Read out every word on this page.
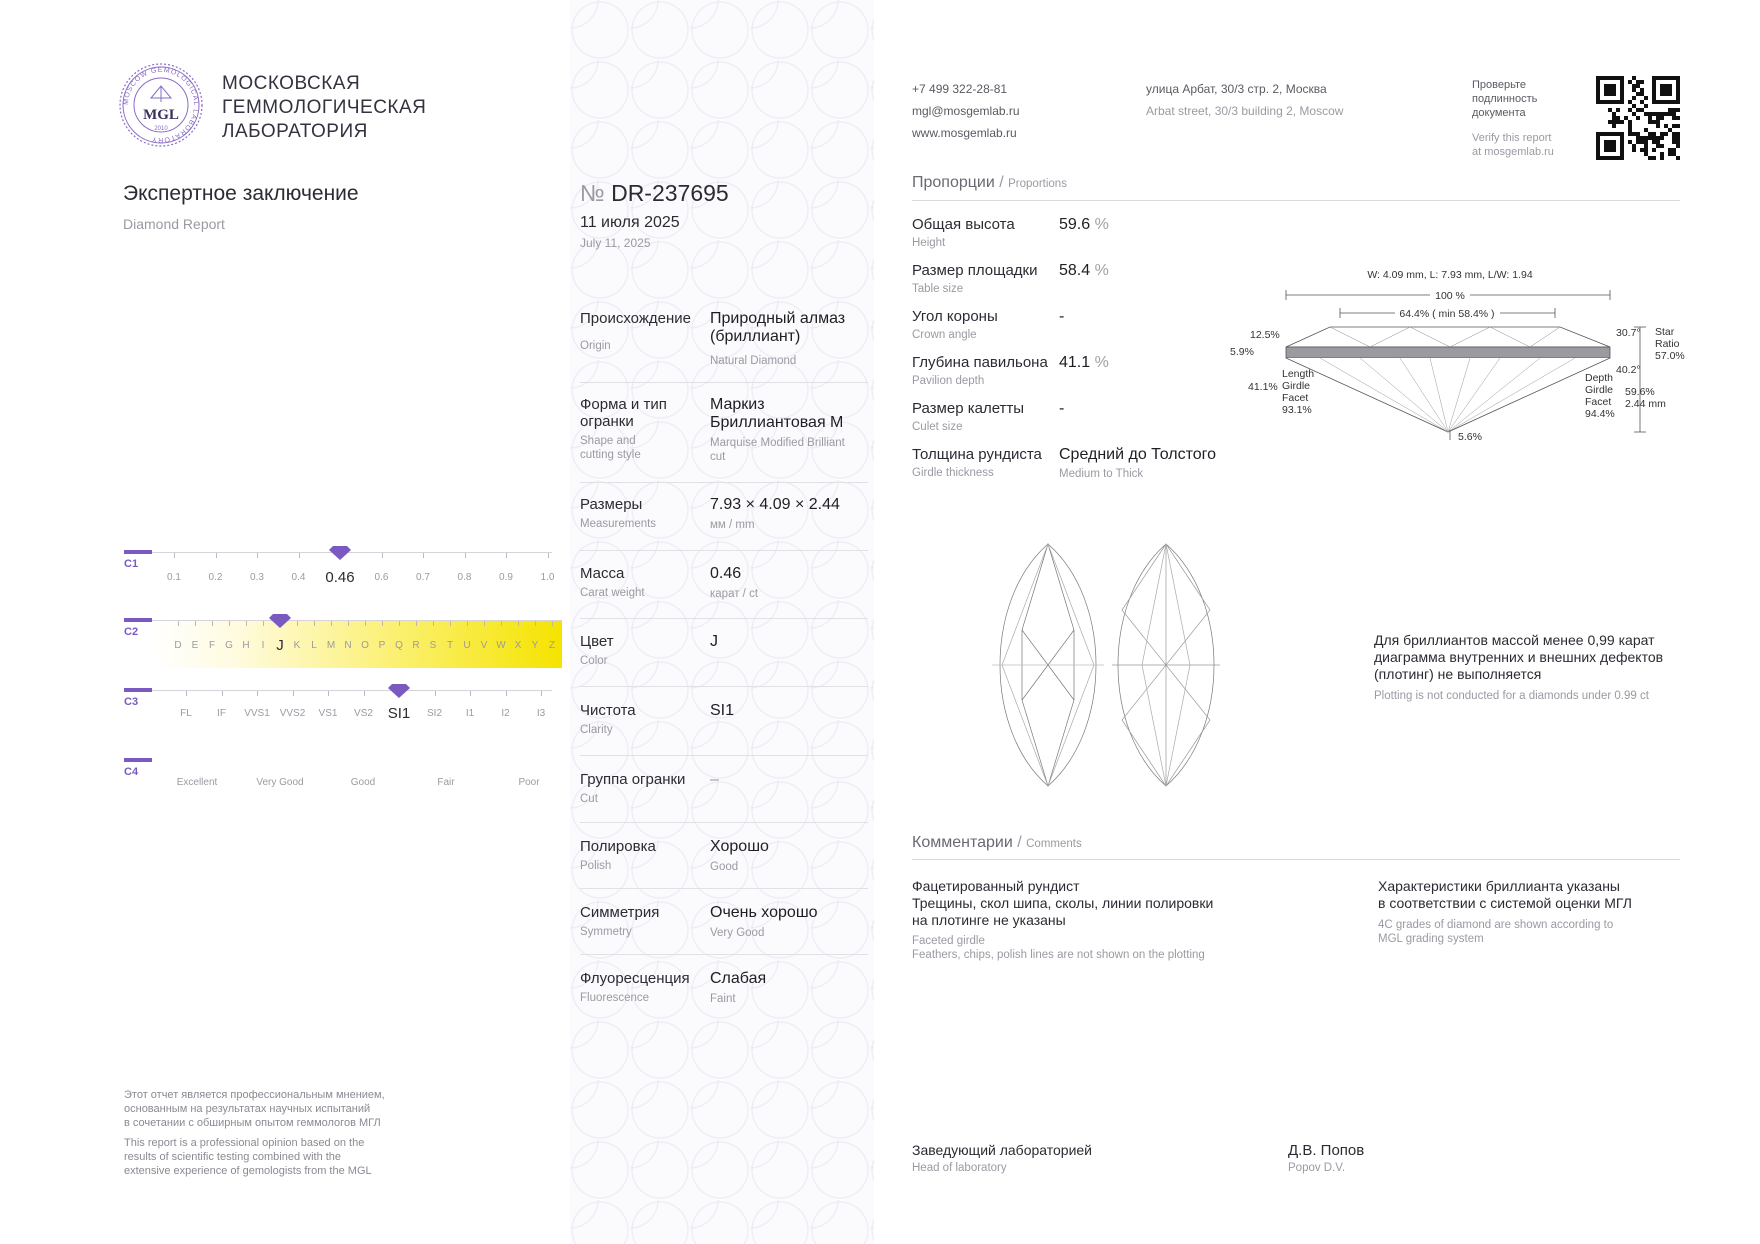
MOSCOW GEMOLOGICAL LABORATORY
MGL
2010
МОСКОВСКАЯ
ГЕММОЛОГИЧЕСКАЯ
ЛАБОРАТОРИЯ
Экспертное заключение
Diamond Report
№ DR-237695
11 июля 2025
July 11, 2025
Происхождение
Origin
Природный алмаз (бриллиант)
Natural Diamond
Форма и тип огранки
Shape and cutting style
Маркиз Бриллиантовая М
Marquise Modified Brilliant cut
Размеры
Measurements
7.93 × 4.09 × 2.44
мм / mm
Масса
Carat weight
0.46
карат / ct
Цвет
Color
J
Чистота
Clarity
SI1
Группа огранки
Cut
–
Полировка
Polish
Хорошо
Good
Симметрия
Symmetry
Очень хорошо
Very Good
Флуоресценция
Fluorescence
Слабая
Faint
C1
0.1	0.2	0.3	0.4 0.46 0.6	0.7	0.8	0.9	1.0
C2
D E F G H I J K L M N O P Q R S T U V W X Y Z
C3
FL	IF VVS1 VVS2 VS1 VS2 SI1 SI2 I1	I2	I3
C4
Excellent	Very Good	Good	Fair	Poor
Этот отчет является профессиональным мнением,
основанным на результатах научных испытаний
в сочетании с обширным опытом геммологов МГЛ
This report is a professional opinion based on the
results of scientific testing combined with the
extensive experience of gemologists from the MGL
+7 499 322-28-81
mgl@mosgemlab.ru
www.mosgemlab.ru
улица Арбат, 30/3 стр. 2, Москва
Arbat street, 30/3 building 2, Moscow
Проверьте
подлинность
документа
Verify this report
at mosgemlab.ru
Пропорции / Proportions
Общая высота
Height
59.6 %
Размер площадки
Table size
58.4 %
Угол короны
Crown angle
-
Глубина павильона
Pavilion depth
41.1 %
Размер калетты
Culet size
-
Толщина рундиста
Girdle thickness
Средний до Толстого
Medium to Thick
W: 4.09 mm, L: 7.93 mm, L/W: 1.94
100 %
64.4% ( min 58.4% )
12.5%
5.9%
41.1%
Length
Girdle
Facet
93.1%
5.6%
30.7°
40.2°
Star
Ratio
57.0%
Depth
Girdle
Facet
94.4%
59.6%
2.44 mm
Для бриллиантов массой менее 0,99 карат
диаграмма внутренних и внешних дефектов
(плотинг) не выполняется
Plotting is not conducted for a diamonds under 0.99 ct
Комментарии / Comments
Фацетированный рундист
Трещины, скол шипа, сколы, линии полировки
на плотинге не указаны
Faceted girdle
Feathers, chips, polish lines are not shown on the plotting
Характеристики бриллианта указаны
в соответствии с системой оценки МГЛ
4C grades of diamond are shown according to
MGL grading system
Заведующий лабораторией
Head of laboratory
Д.В. Попов
Popov D.V.
